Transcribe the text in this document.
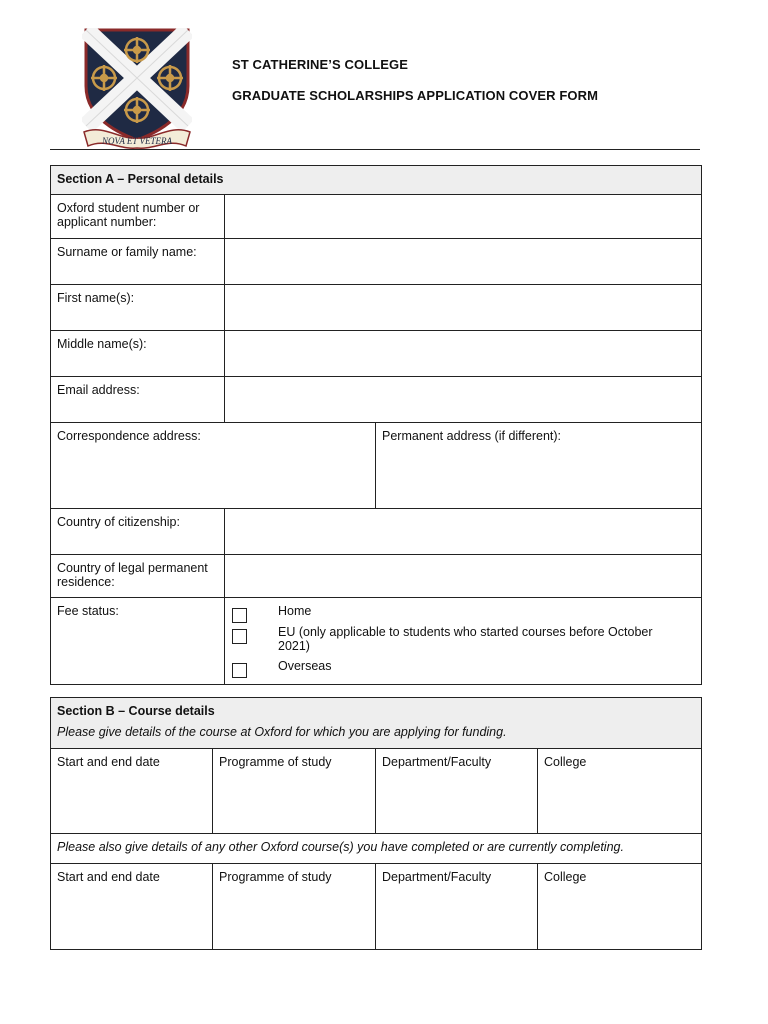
NOVA ET VETERA
ST CATHERINE’S COLLEGE
GRADUATE SCHOLARSHIPS APPLICATION COVER FORM
Section A – Personal details		
Oxford student number or applicant number:		
Surname or family name:		
First name(s):		
Middle name(s):		
Email address:		
Correspondence address:		Permanent address (if different):
Country of citizenship:		
Country of legal permanent residence:		
Fee status:	Home
EU (only applicable to students who started courses before October 2021)
Overseas	
Section B – Course details
Please give details of the course at Oxford for which you are applying for funding.			

Start and end date	Programme of study	Department/Faculty	College
Please also give details of any other Oxford course(s) you have completed or are currently completing.			
Start and end date	Programme of study	Department/Faculty	College
